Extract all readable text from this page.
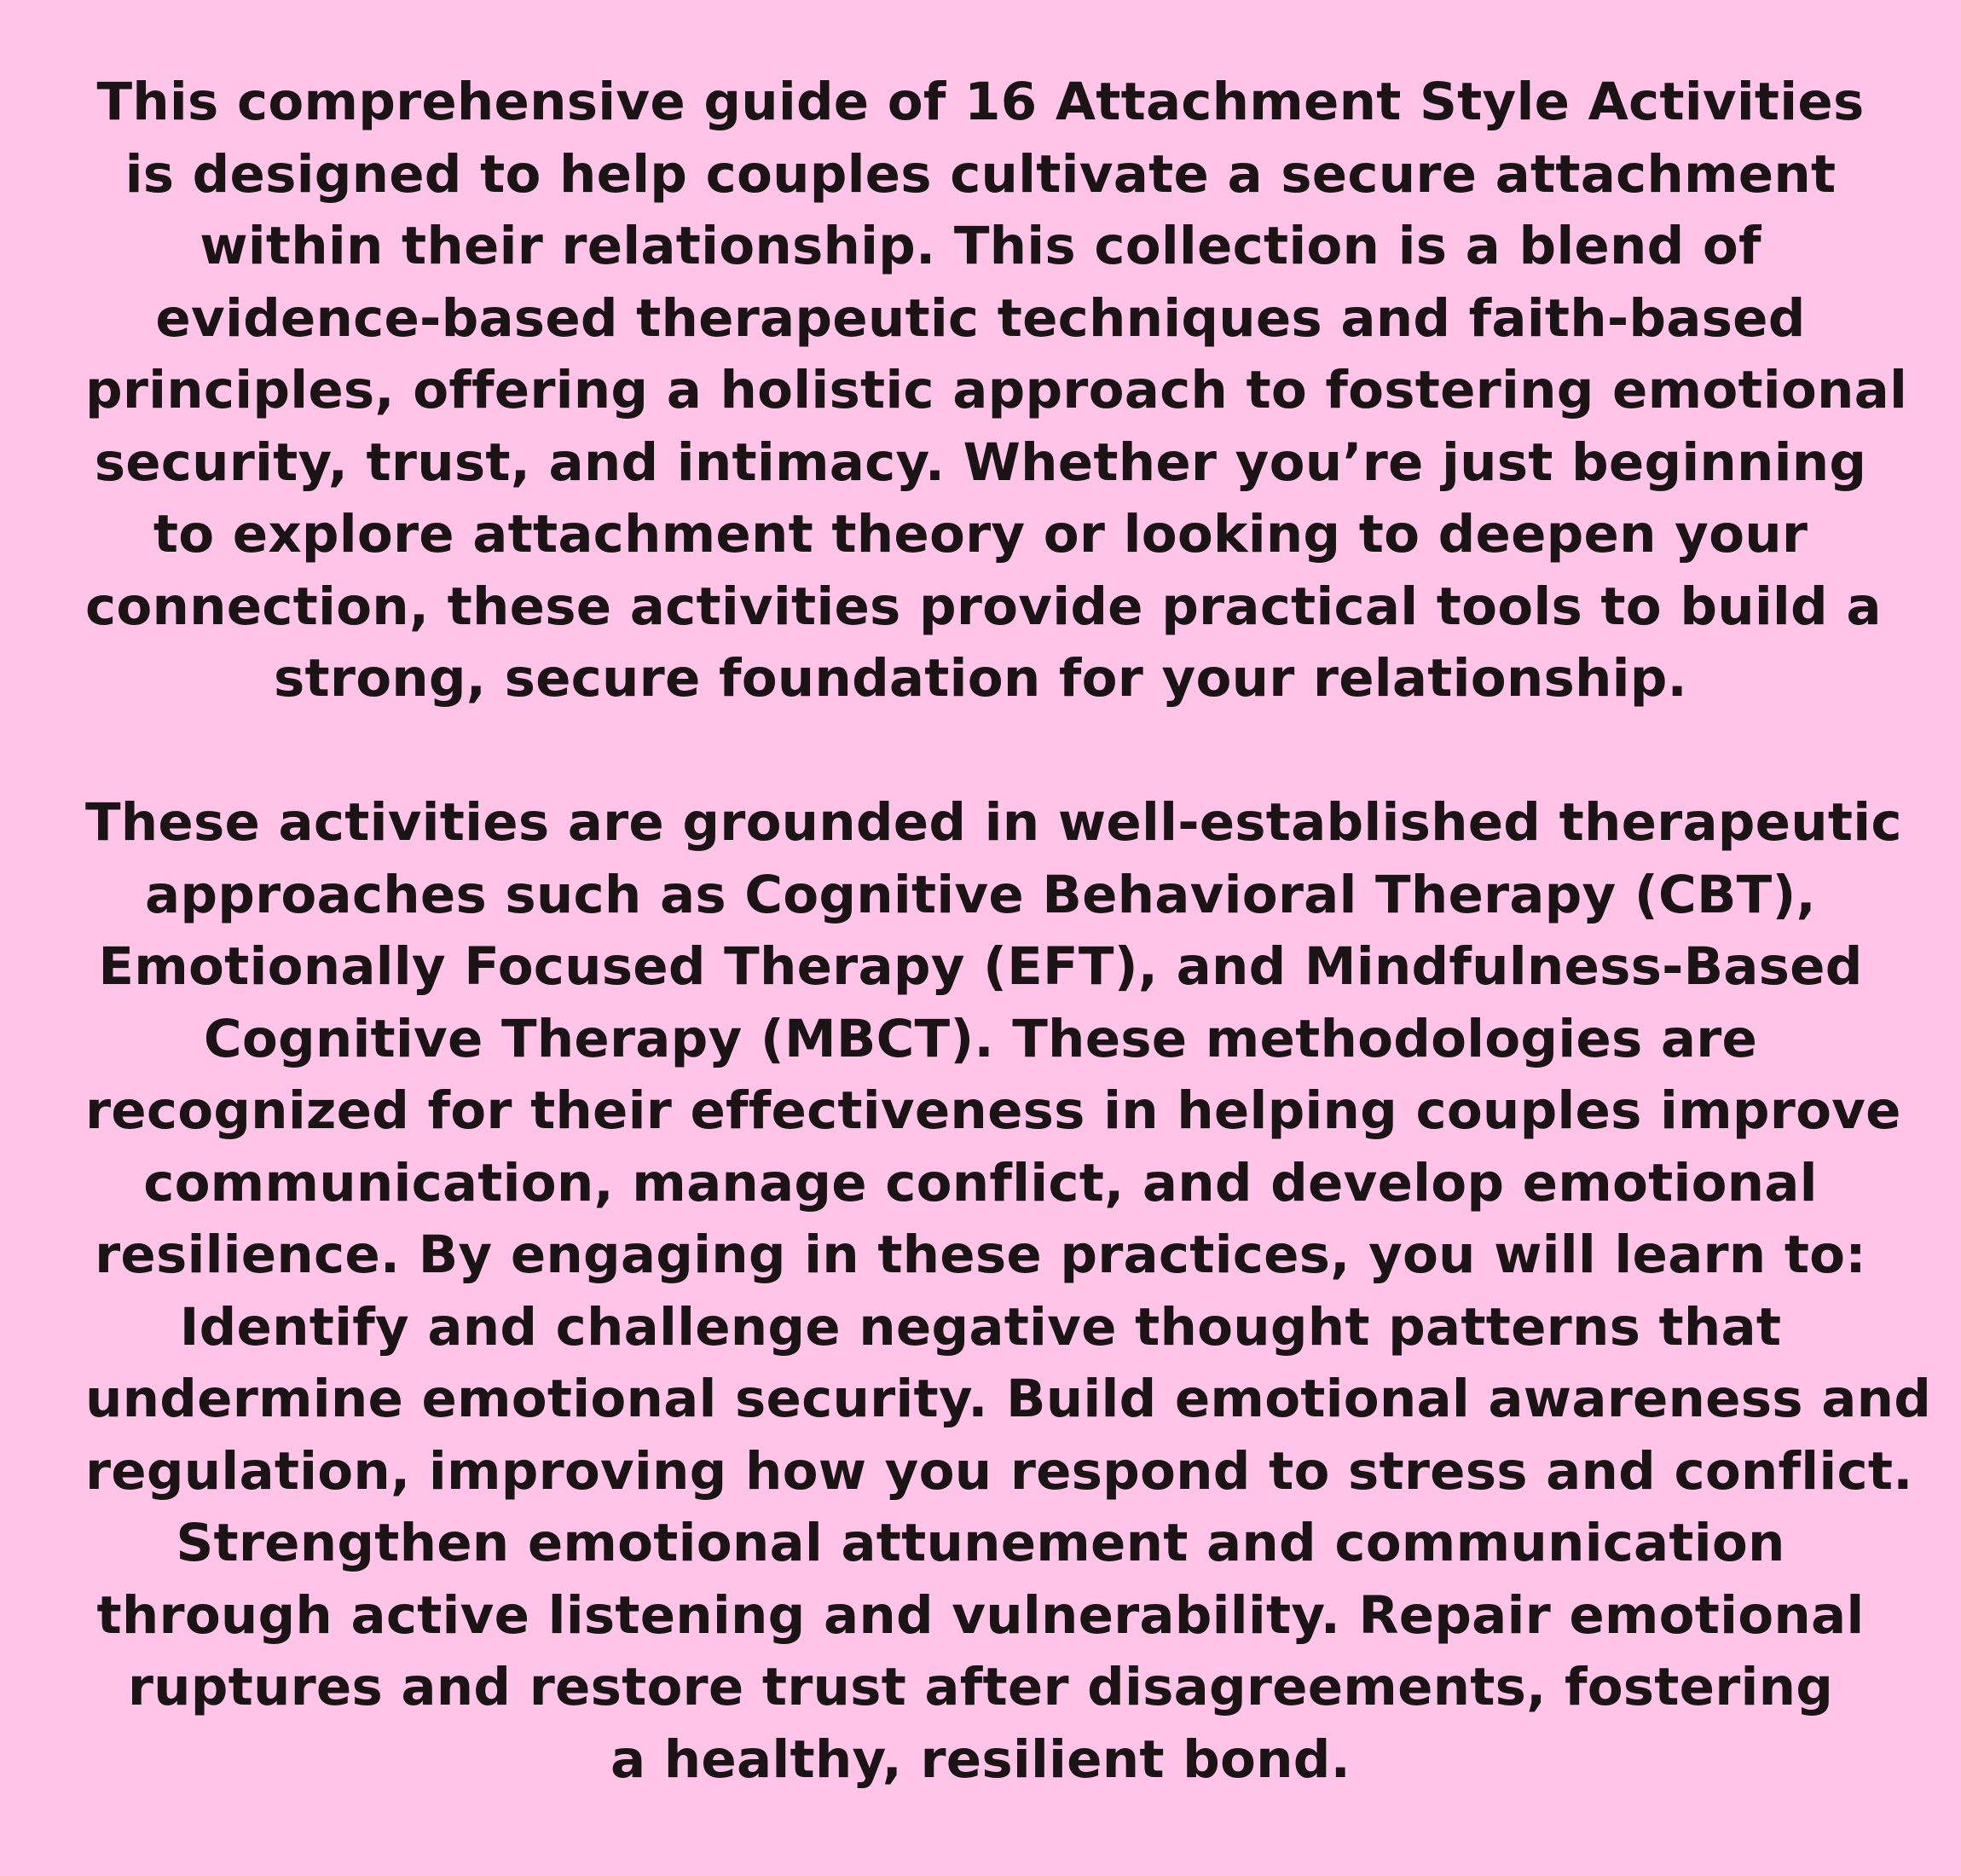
This comprehensive guide of 16 Attachment Style Activities
is designed to help couples cultivate a secure attachment
within their relationship. This collection is a blend of
evidence-based therapeutic techniques and faith-based
principles, offering a holistic approach to fostering emotional
security, trust, and intimacy. Whether you’re just beginning
to explore attachment theory or looking to deepen your
connection, these activities provide practical tools to build a
strong, secure foundation for your relationship.

These activities are grounded in well-established therapeutic
approaches such as Cognitive Behavioral Therapy (CBT),
Emotionally Focused Therapy (EFT), and Mindfulness-Based
Cognitive Therapy (MBCT). These methodologies are
recognized for their effectiveness in helping couples improve
communication, manage conflict, and develop emotional
resilience. By engaging in these practices, you will learn to:
Identify and challenge negative thought patterns that
undermine emotional security. Build emotional awareness and
regulation, improving how you respond to stress and conflict.
Strengthen emotional attunement and communication
through active listening and vulnerability. Repair emotional
ruptures and restore trust after disagreements, fostering
a healthy, resilient bond.
